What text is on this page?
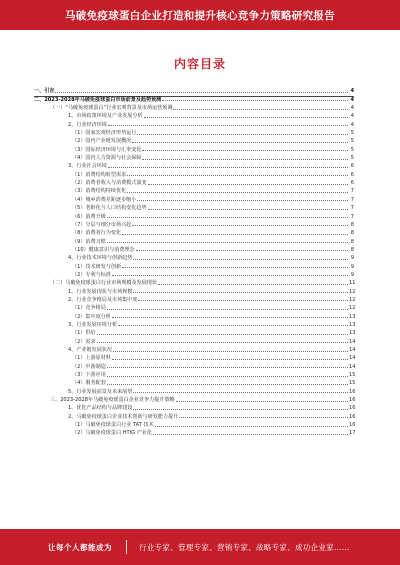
马破免疫球蛋白企业打造和提升核心竞争力策略研究报告
内容目录
一、引言	4
二、2023-2028年马破免疫球蛋白市场前景及趋势预测	4
（一）“马破免疫球蛋白”行业宏观背景及市场运营预测	4
1、市场政策环境及产业发展分析	4
2、行业经济环境	4
（1）国家宏观经济形势运行	5
（2）国内产业链发展概况	5
（3）国际经济环境与汇率变化	5
（4）国内人力资源与社会保障	5
3、行业社会环境	6
（1）消费结构转型需求	6
（2）消费者收入与消费模式演变	6
（3）消费结构持续优化	7
（4）城乡消费差距逐步缩小	7
（5）老龄化与人口结构变化趋势	7
（6）消费升级	7
（7）分层与细分市场兴起	8
（8）消费者行为变化	8
（9）消费习惯	8
（10）健康意识与消费理念	8
4、行业技术环境与创新趋势	9
（1）技术研发与创新	9
（2）专利与标准	9
（二）马破免疫球蛋白行业市场规模及发展现状	11
1、行业发展现状与市场规模	12
2、行业竞争格局及市场集中度	12
（1）竞争格局	12
（2）集中度分析	13
3、行业发展环境分析	13
（1）供给	13
（2）需求	14
4、产业链发展状况	14
（1）上游原材料	14
（2）中游制造	14
（3）下游应用	15
（4）服务配套	15
5、行业发展前景及未来展望	16
三、2023-2028年马破免疫球蛋白企业竞争力提升策略	16
1、优化产品结构与品牌建设	16
2、马破免疫球蛋白企业技术创新与研发能力提升	16
（1）马破免疫球蛋白行业 TAT 技术	16
（2）马破免疫球蛋白 HTIG 产业化	17
让每个人都能成为	行业专家、管理专家、营销专家、战略专家、成功企业家……
